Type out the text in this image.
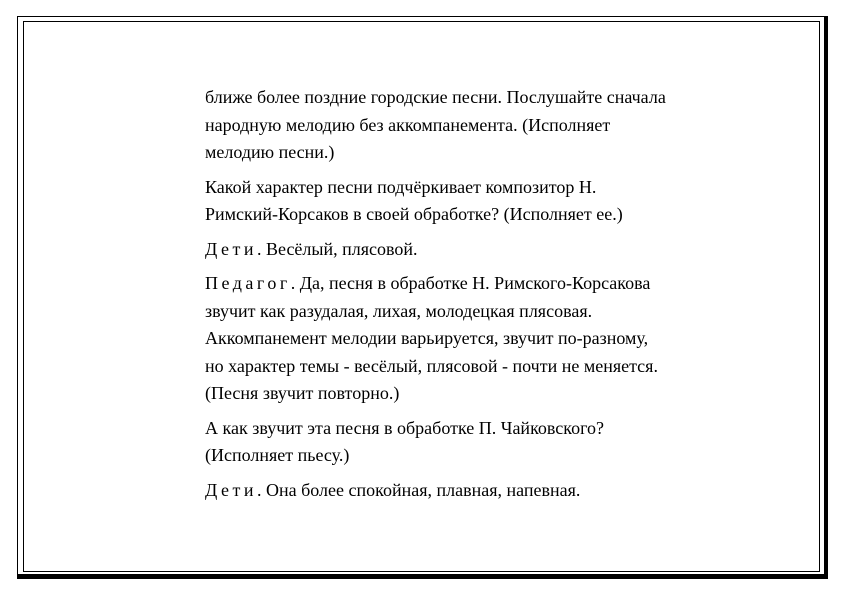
ближе более поздние городские песни. Послушайте сначала
народную мелодию без аккомпанемента. (Исполняет
мелодию песни.)

Какой характер песни подчёркивает композитор Н.
Римский-Корсаков в своей обработке? (Исполняет ее.)

Дети. Весёлый, плясовой.

Педагог. Да, песня в обработке Н. Римского-Корсакова
звучит как разудалая, лихая, молодецкая плясовая.
Аккомпанемент мелодии варьируется, звучит по-разному,
но характер темы - весёлый, плясовой - почти не меняется.
(Песня звучит повторно.)

А как звучит эта песня в обработке П. Чайковского?
(Исполняет пьесу.)

Дети. Она более спокойная, плавная, напевная.
